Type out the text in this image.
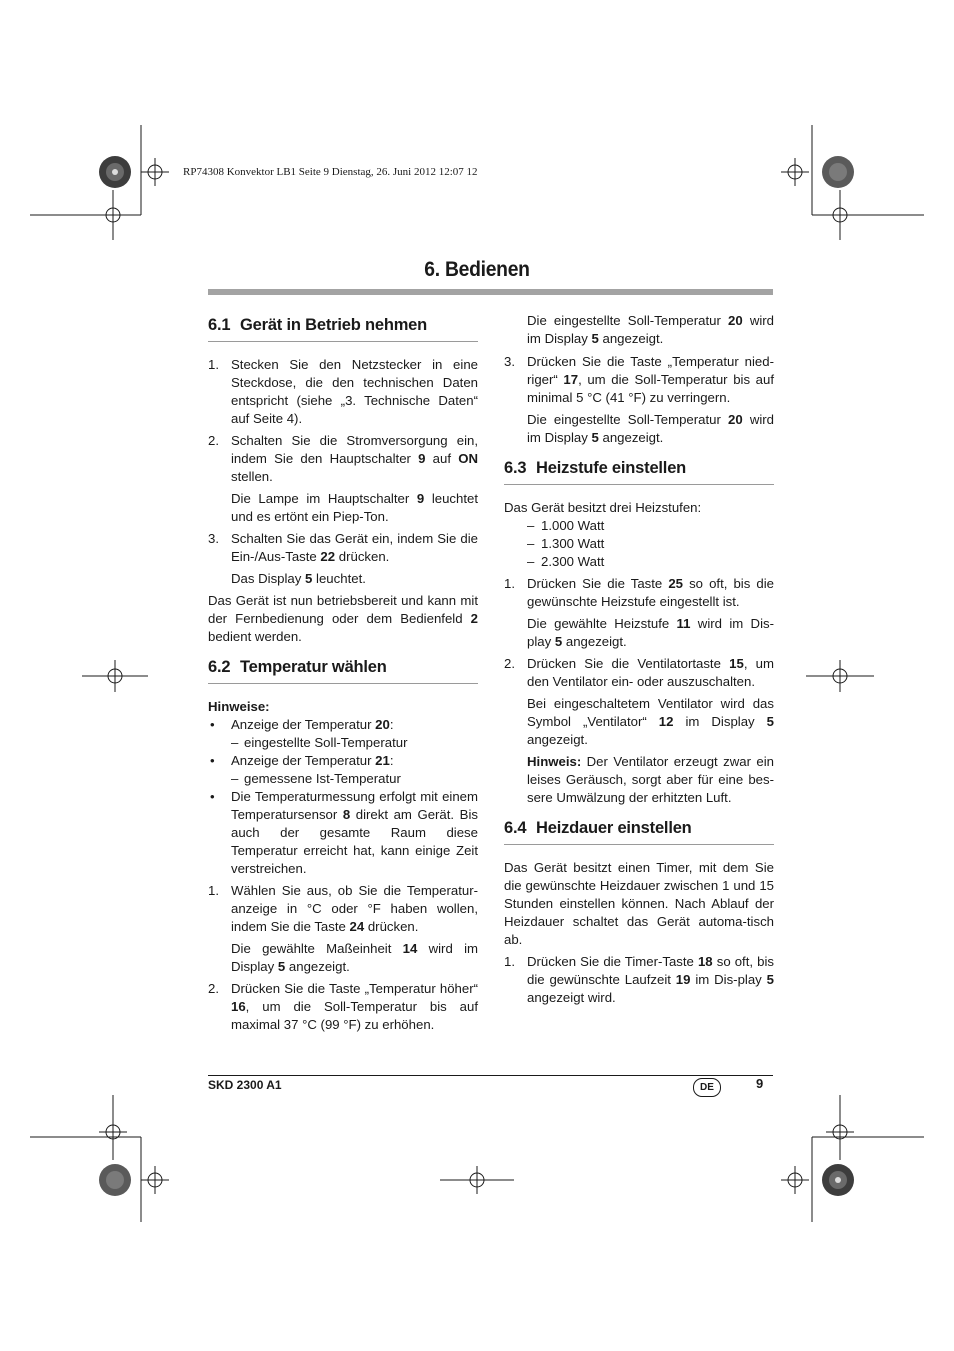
RP74308 Konvektor LB1 Seite 9 Dienstag, 26. Juni 2012 12:07 12
6. Bedienen
6.1 Gerät in Betrieb nehmen
1. Stecken Sie den Netzstecker in eine Steckdose, die den technischen Daten entspricht (siehe „3. Technische Daten“ auf Seite 4).
2. Schalten Sie die Stromversorgung ein, indem Sie den Hauptschalter 9 auf ON stellen.
Die Lampe im Hauptschalter 9 leuchtet und es ertönt ein Piep-Ton.
3. Schalten Sie das Gerät ein, indem Sie die Ein-/Aus-Taste 22 drücken.
Das Display 5 leuchtet.

Das Gerät ist nun betriebsbereit und kann mit der Fernbedienung oder dem Bedienfeld 2 bedient werden.

6.2 Temperatur wählen

Hinweise:

• Anzeige der Temperatur 20:
– eingestellte Soll-Temperatur
• Anzeige der Temperatur 21:
– gemessene Ist-Temperatur
• Die Temperaturmessung erfolgt mit einem Temperatursensor 8 direkt am Gerät. Bis auch der gesamte Raum diese Temperatur erreicht hat, kann einige Zeit verstreichen.
1. Wählen Sie aus, ob Sie die Temperatur-anzeige in °C oder °F haben wollen, indem Sie die Taste 24 drücken.
Die gewählte Maßeinheit 14 wird im Display 5 angezeigt.
2. Drücken Sie die Taste „Temperatur höher“ 16, um die Soll-Temperatur bis auf maximal 37 °C (99 °F) zu erhöhen.
Die eingestellte Soll-Temperatur 20 wird im Display 5 angezeigt.
3. Drücken Sie die Taste „Temperatur nied-riger“ 17, um die Soll-Temperatur bis auf minimal 5 °C (41 °F) zu verringern.
Die eingestellte Soll-Temperatur 20 wird im Display 5 angezeigt.
6.3 Heizstufe einstellen

Das Gerät besitzt drei Heizstufen:

– 1.000 Watt
– 1.300 Watt
– 2.300 Watt
1. Drücken Sie die Taste 25 so oft, bis die gewünschte Heizstufe eingestellt ist.
Die gewählte Heizstufe 11 wird im Dis-play 5 angezeigt.
2. Drücken Sie die Ventilatortaste 15, um den Ventilator ein- oder auszuschalten.
Bei eingeschaltetem Ventilator wird das Symbol „Ventilator“ 12 im Display 5 angezeigt.
Hinweis: Der Ventilator erzeugt zwar ein leises Geräusch, sorgt aber für eine bes-sere Umwälzung der erhitzten Luft.
6.4 Heizdauer einstellen

Das Gerät besitzt einen Timer, mit dem Sie die gewünschte Heizdauer zwischen 1 und 15 Stunden einstellen können. Nach Ablauf der Heizdauer schaltet das Gerät automa-tisch ab.

1. Drücken Sie die Timer-Taste 18 so oft, bis die gewünschte Laufzeit 19 im Dis-play 5 angezeigt wird.
SKD 2300 A1	DE	9
